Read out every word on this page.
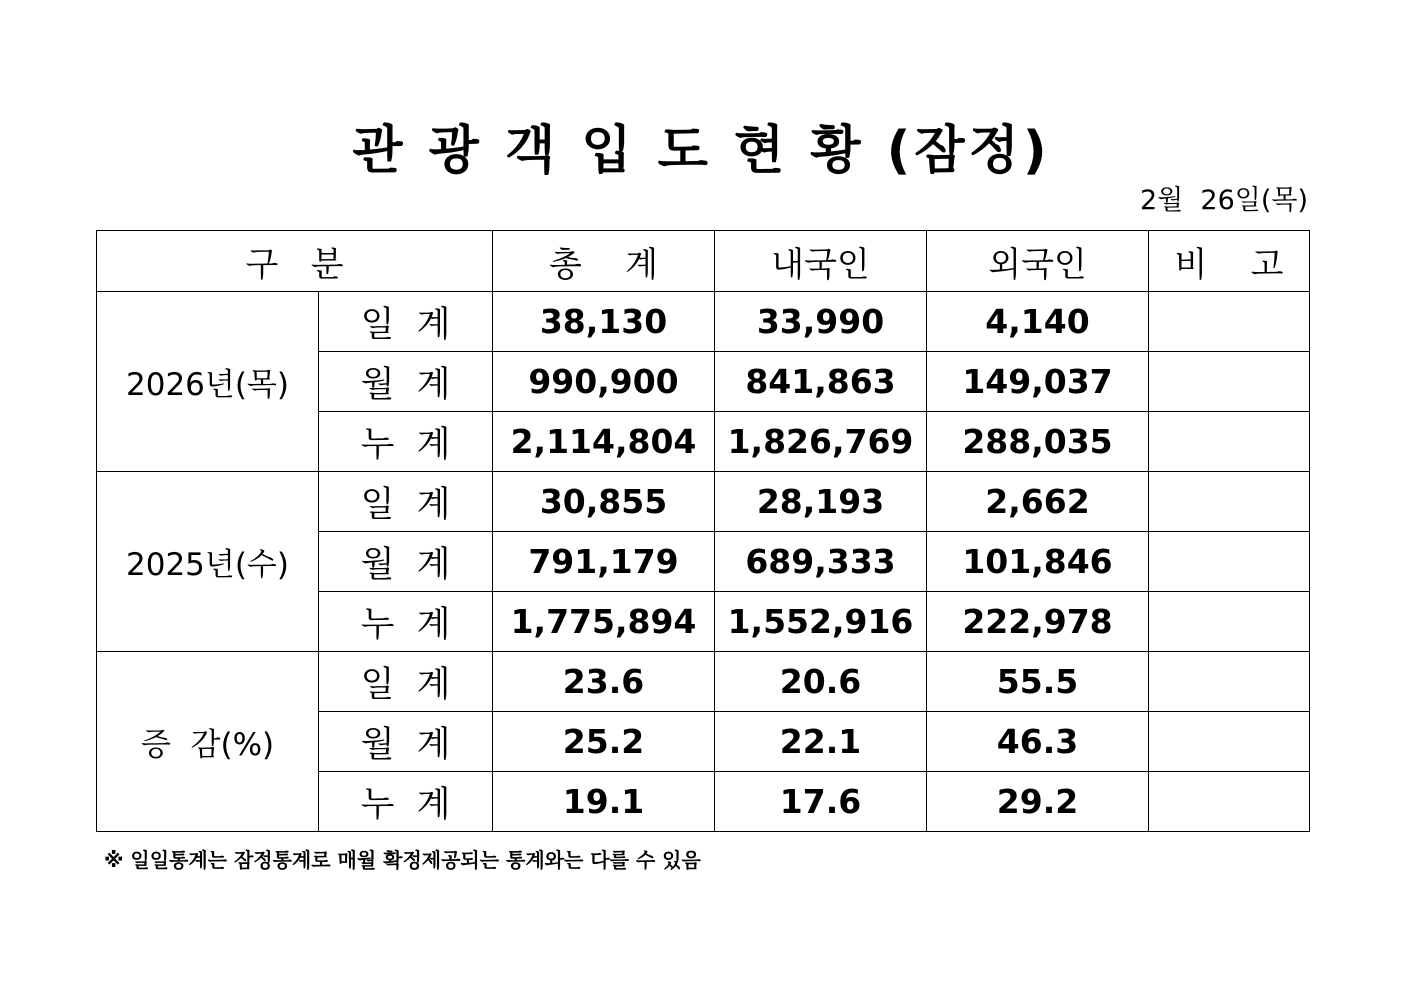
관 광 객 입 도 현 황 (잠정)
2월  26일(목)
구   분		총    계	내국인	외국인	비    고
2026년(목)	일  계	38,130	33,990	4,140	
	월  계	990,900	841,863	149,037	
	누  계	2,114,804	1,826,769	288,035	
2025년(수)	일  계	30,855	28,193	2,662	
	월  계	791,179	689,333	101,846	
	누  계	1,775,894	1,552,916	222,978	
증  감(%)	일  계	23.6	20.6	55.5	
	월  계	25.2	22.1	46.3	
	누  계	19.1	17.6	29.2	
※ 일일통계는 잠정통계로 매월 확정제공되는 통계와는 다를 수 있음
